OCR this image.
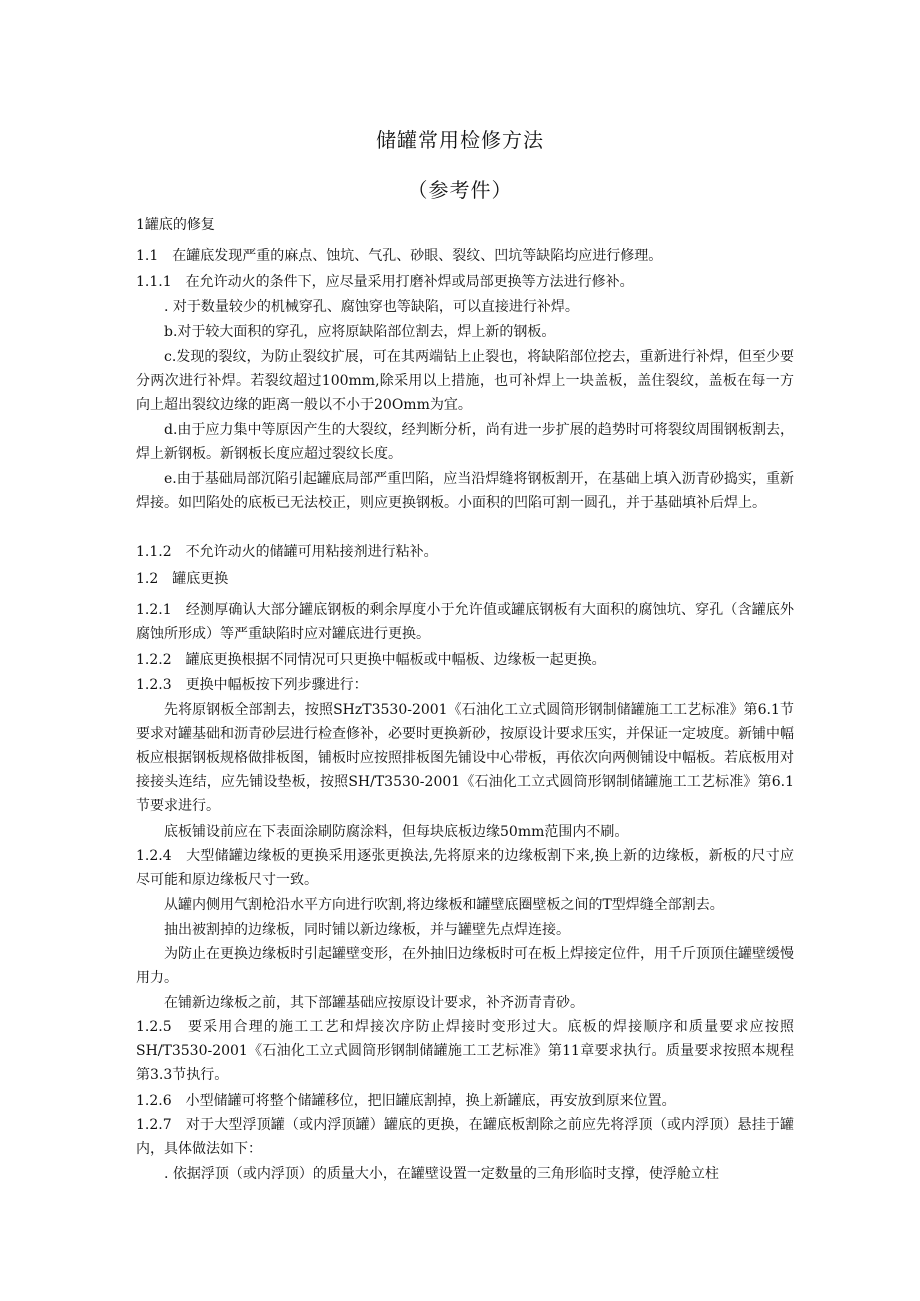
储罐常用检修方法
（参考件）

1罐底的修复

1.1　在罐底发现严重的麻点、蚀坑、气孔、砂眼、裂纹、凹坑等缺陷均应进行修理。

1.1.1　在允许动火的条件下，应尽量采用打磨补焊或局部更换等方法进行修补。

. 对于数量较少的机械穿孔、腐蚀穿也等缺陷，可以直接进行补焊。

b.对于较大面积的穿孔，应将原缺陷部位割去，焊上新的钢板。

c.发现的裂纹，为防止裂纹扩展，可在其两端钻上止裂也，将缺陷部位挖去，重新进行补焊，但至少要分两次进行补焊。若裂纹超过100mm,除采用以上措施，也可补焊上一块盖板，盖住裂纹，盖板在每一方向上超出裂纹边缘的距离一般以不小于20Omm为宜。

d.由于应力集中等原因产生的大裂纹，经判断分析，尚有进一步扩展的趋势时可将裂纹周围钢板割去，焊上新钢板。新钢板长度应超过裂纹长度。

e.由于基础局部沉陷引起罐底局部严重凹陷，应当沿焊缝将钢板割开，在基础上填入沥青砂捣实，重新焊接。如凹陷处的底板已无法校正，则应更换钢板。小面积的凹陷可割一圆孔，并于基础填补后焊上。

1.1.2　不允许动火的储罐可用粘接剂进行粘补。

1.2　罐底更换

1.2.1　经测厚确认大部分罐底钢板的剩余厚度小于允许值或罐底钢板有大面积的腐蚀坑、穿孔（含罐底外腐蚀所形成）等严重缺陷时应对罐底进行更换。

1.2.2　罐底更换根据不同情况可只更换中幅板或中幅板、边缘板一起更换。

1.2.3　更换中幅板按下列步骤进行：

先将原钢板全部割去，按照SHzT3530-2001《石油化工立式圆筒形钢制储罐施工工艺标准》第6.1节要求对罐基础和沥青砂层进行检查修补，必要时更换新砂，按原设计要求压实，并保证一定坡度。新铺中幅板应根据钢板规格做排板图，铺板时应按照排板图先铺设中心带板，再依次向两侧铺设中幅板。若底板用对接接头连结，应先铺设垫板，按照SH/T3530-2001《石油化工立式圆筒形钢制储罐施工工艺标准》第6.1节要求进行。

底板铺设前应在下表面涂刷防腐涂料，但每块底板边缘50mm范围内不刷。

1.2.4　大型储罐边缘板的更换采用逐张更换法,先将原来的边缘板割下来,换上新的边缘板，新板的尺寸应尽可能和原边缘板尺寸一致。

从罐内侧用气割枪沿水平方向进行吹割,将边缘板和罐壁底圈壁板之间的T型焊缝全部割去。

抽出被割掉的边缘板，同时铺以新边缘板，并与罐壁先点焊连接。

为防止在更换边缘板时引起罐壁变形，在外抽旧边缘板时可在板上焊接定位件，用千斤顶顶住罐壁缓慢用力。

在铺新边缘板之前，其下部罐基础应按原设计要求，补齐沥青青砂。

1.2.5　要采用合理的施工工艺和焊接次序防止焊接时变形过大。底板的焊接顺序和质量要求应按照SH/T3530-2001《石油化工立式圆筒形钢制储罐施工工艺标准》第11章要求执行。质量要求按照本规程第3.3节执行。

1.2.6　小型储罐可将整个储罐移位，把旧罐底割掉，换上新罐底，再安放到原来位置。

1.2.7　对于大型浮顶罐（或内浮顶罐）罐底的更换，在罐底板割除之前应先将浮顶（或内浮顶）悬挂于罐内，具体做法如下：

. 依据浮顶（或内浮顶）的质量大小，在罐壁设置一定数量的三角形临时支撑，使浮舱立柱
